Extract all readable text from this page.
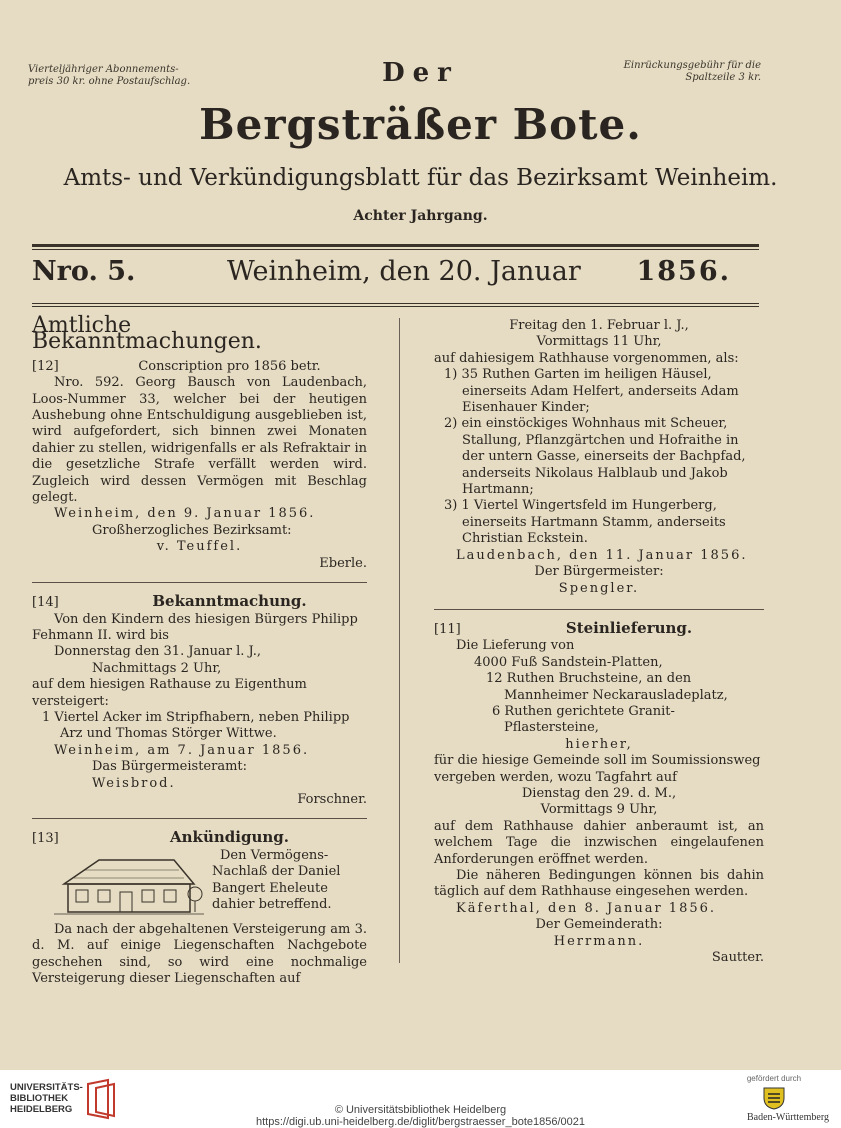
Vierteljähriger Abonnements-
preis 30 kr. ohne Postaufschlag.
Einrückungsgebühr für die
Spaltzeile 3 kr.
Der
Bergsträßer Bote.
Amts- und Verkündigungsblatt für das Bezirksamt Weinheim.
Achter Jahrgang.
Nro. 5.	Weinheim, den 20. Januar 1856.

Amtliche Bekanntmachungen.

[12]	Conscription pro 1856 betr.

Nro. 592. Georg Bausch von Laudenbach, Loos-Nummer 33, welcher bei der heutigen Aushebung ohne Entschuldigung ausgeblieben ist, wird aufgefordert, sich binnen zwei Monaten dahier zu stellen, widrigenfalls er als Refraktair in die gesetzliche Strafe verfällt werden wird. Zugleich wird dessen Vermögen mit Beschlag gelegt.

Weinheim, den 9. Januar 1856.

Großherzogliches Bezirksamt:

v. Teuffel.

Eberle.

[14]	Bekanntmachung.

Von den Kindern des hiesigen Bürgers Philipp Fehmann II. wird bis

Donnerstag den 31. Januar l. J.,

Nachmittags 2 Uhr,

auf dem hiesigen Rathause zu Eigenthum versteigert:

1 Viertel Acker im Stripfhabern, neben Philipp Arz und Thomas Störger Wittwe.

Weinheim, am 7. Januar 1856.

Das Bürgermeisteramt:

Weisbrod.

Forschner.

[13]	Ankündigung.

Den Vermögens-Nachlaß der Daniel Bangert Eheleute dahier betreffend.

Da nach der abgehaltenen Versteigerung am 3. d. M. auf einige Liegenschaften Nachgebote geschehen sind, so wird eine nochmalige Versteigerung dieser Liegenschaften auf

Freitag den 1. Februar l. J.,

Vormittags 11 Uhr,

auf dahiesigem Rathhause vorgenommen, als:

1) 35 Ruthen Garten im heiligen Häusel, einerseits Adam Helfert, anderseits Adam Eisenhauer Kinder;

2) ein einstöckiges Wohnhaus mit Scheuer, Stallung, Pflanzgärtchen und Hofraithe in der untern Gasse, einerseits der Bachpfad, anderseits Nikolaus Halblaub und Jakob Hartmann;

3) 1 Viertel Wingertsfeld im Hungerberg, einerseits Hartmann Stamm, anderseits Christian Eckstein.

Laudenbach, den 11. Januar 1856.

Der Bürgermeister:

Spengler.

[11]	Steinlieferung.

Die Lieferung von

4000 Fuß Sandstein-Platten,

12 Ruthen Bruchsteine, an den Mannheimer Neckarausladeplatz,

6 Ruthen gerichtete Granit-Pflastersteine,

hierher,

für die hiesige Gemeinde soll im Soumissionsweg vergeben werden, wozu Tagfahrt auf

Dienstag den 29. d. M.,

Vormittags 9 Uhr,

auf dem Rathhause dahier anberaumt ist, an welchem Tage die inzwischen eingelaufenen Anforderungen eröffnet werden.

Die näheren Bedingungen können bis dahin täglich auf dem Rathhause eingesehen werden.

Käferthal, den 8. Januar 1856.

Der Gemeinderath:

Herrmann.

Sautter.

UNIVERSITÄTS-
BIBLIOTHEK
HEIDELBERG	© Universitätsbibliothek Heidelberg
https://digi.ub.uni-heidelberg.de/diglit/bergstraesser_bote1856/0021
gefördert durch
Baden-Württemberg
